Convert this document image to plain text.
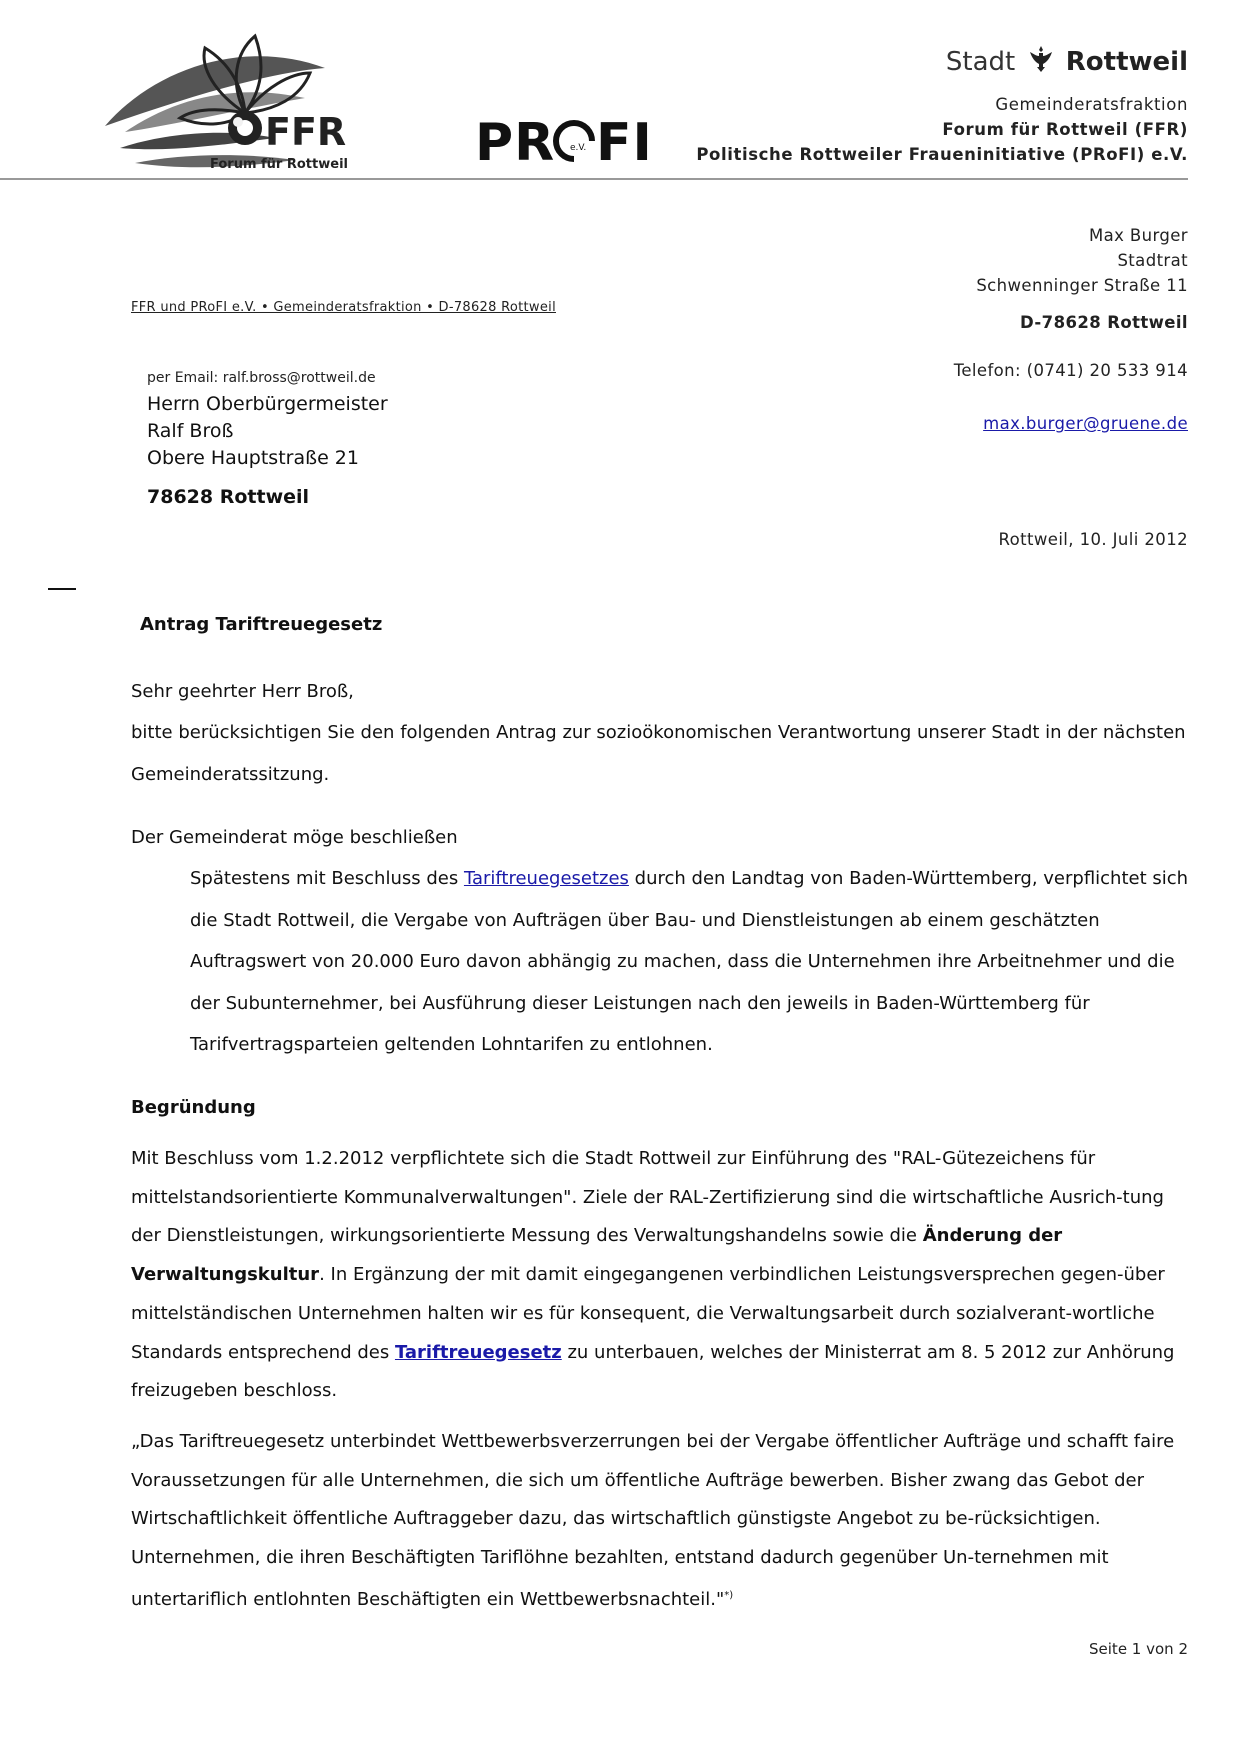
FFR
Forum für Rottweil PR e.V. FI
Stadt Rottweil
Gemeinderatsfraktion
Forum für Rottweil (FFR)
Politische Rottweiler Fraueninitiative (PRoFI) e.V.
Max Burger
Stadtrat
Schwenninger Straße 11
D-78628 Rottweil
Telefon: (0741) 20 533 914
max.burger@gruene.de
FFR und PRoFI e.V. • Gemeinderatsfraktion • D-78628 Rottweil
per Email: ralf.bross@rottweil.de
Herrn Oberbürgermeister
Ralf Broß
Obere Hauptstraße 21
78628 Rottweil
Rottweil, 10. Juli 2012
Antrag Tariftreuegesetz

Sehr geehrter Herr Broß,

bitte berücksichtigen Sie den folgenden Antrag zur sozioökonomischen Verantwortung unserer Stadt in der nächsten Gemeinderatssitzung.

Der Gemeinderat möge beschließen

Spätestens mit Beschluss des Tariftreuegesetzes durch den Landtag von Baden-Württemberg, verpflichtet sich die Stadt Rottweil, die Vergabe von Aufträgen über Bau- und Dienstleistungen ab einem geschätzten Auftragswert von 20.000 Euro davon abhängig zu machen, dass die Unternehmen ihre Arbeitnehmer und die der Subunternehmer, bei Ausführung dieser Leistungen nach den jeweils in Baden-Württemberg für Tarifvertragsparteien geltenden Lohntarifen zu entlohnen.

Begründung

Mit Beschluss vom 1.2.2012 verpflichtete sich die Stadt Rottweil zur Einführung des "RAL-Gütezeichens für mittelstandsorientierte Kommunalverwaltungen". Ziele der RAL-Zertifizierung sind die wirtschaftliche Ausrich-tung der Dienstleistungen, wirkungsorientierte Messung des Verwaltungshandelns sowie die Änderung der Verwaltungskultur. In Ergänzung der mit damit eingegangenen verbindlichen Leistungsversprechen gegen-über mittelständischen Unternehmen halten wir es für konsequent, die Verwaltungsarbeit durch sozialverant-wortliche Standards entsprechend des Tariftreuegesetz zu unterbauen, welches der Ministerrat am 8. 5 2012 zur Anhörung freizugeben beschloss.

„Das Tariftreuegesetz unterbindet Wettbewerbsverzerrungen bei der Vergabe öffentlicher Aufträge und schafft faire Voraussetzungen für alle Unternehmen, die sich um öffentliche Aufträge bewerben. Bisher zwang das Gebot der Wirtschaftlichkeit öffentliche Auftraggeber dazu, das wirtschaftlich günstigste Angebot zu be-rücksichtigen. Unternehmen, die ihren Beschäftigten Tariflöhne bezahlten, entstand dadurch gegenüber Un-ternehmen mit untertariflich entlohnten Beschäftigten ein Wettbewerbsnachteil."*)

Seite 1 von 2
